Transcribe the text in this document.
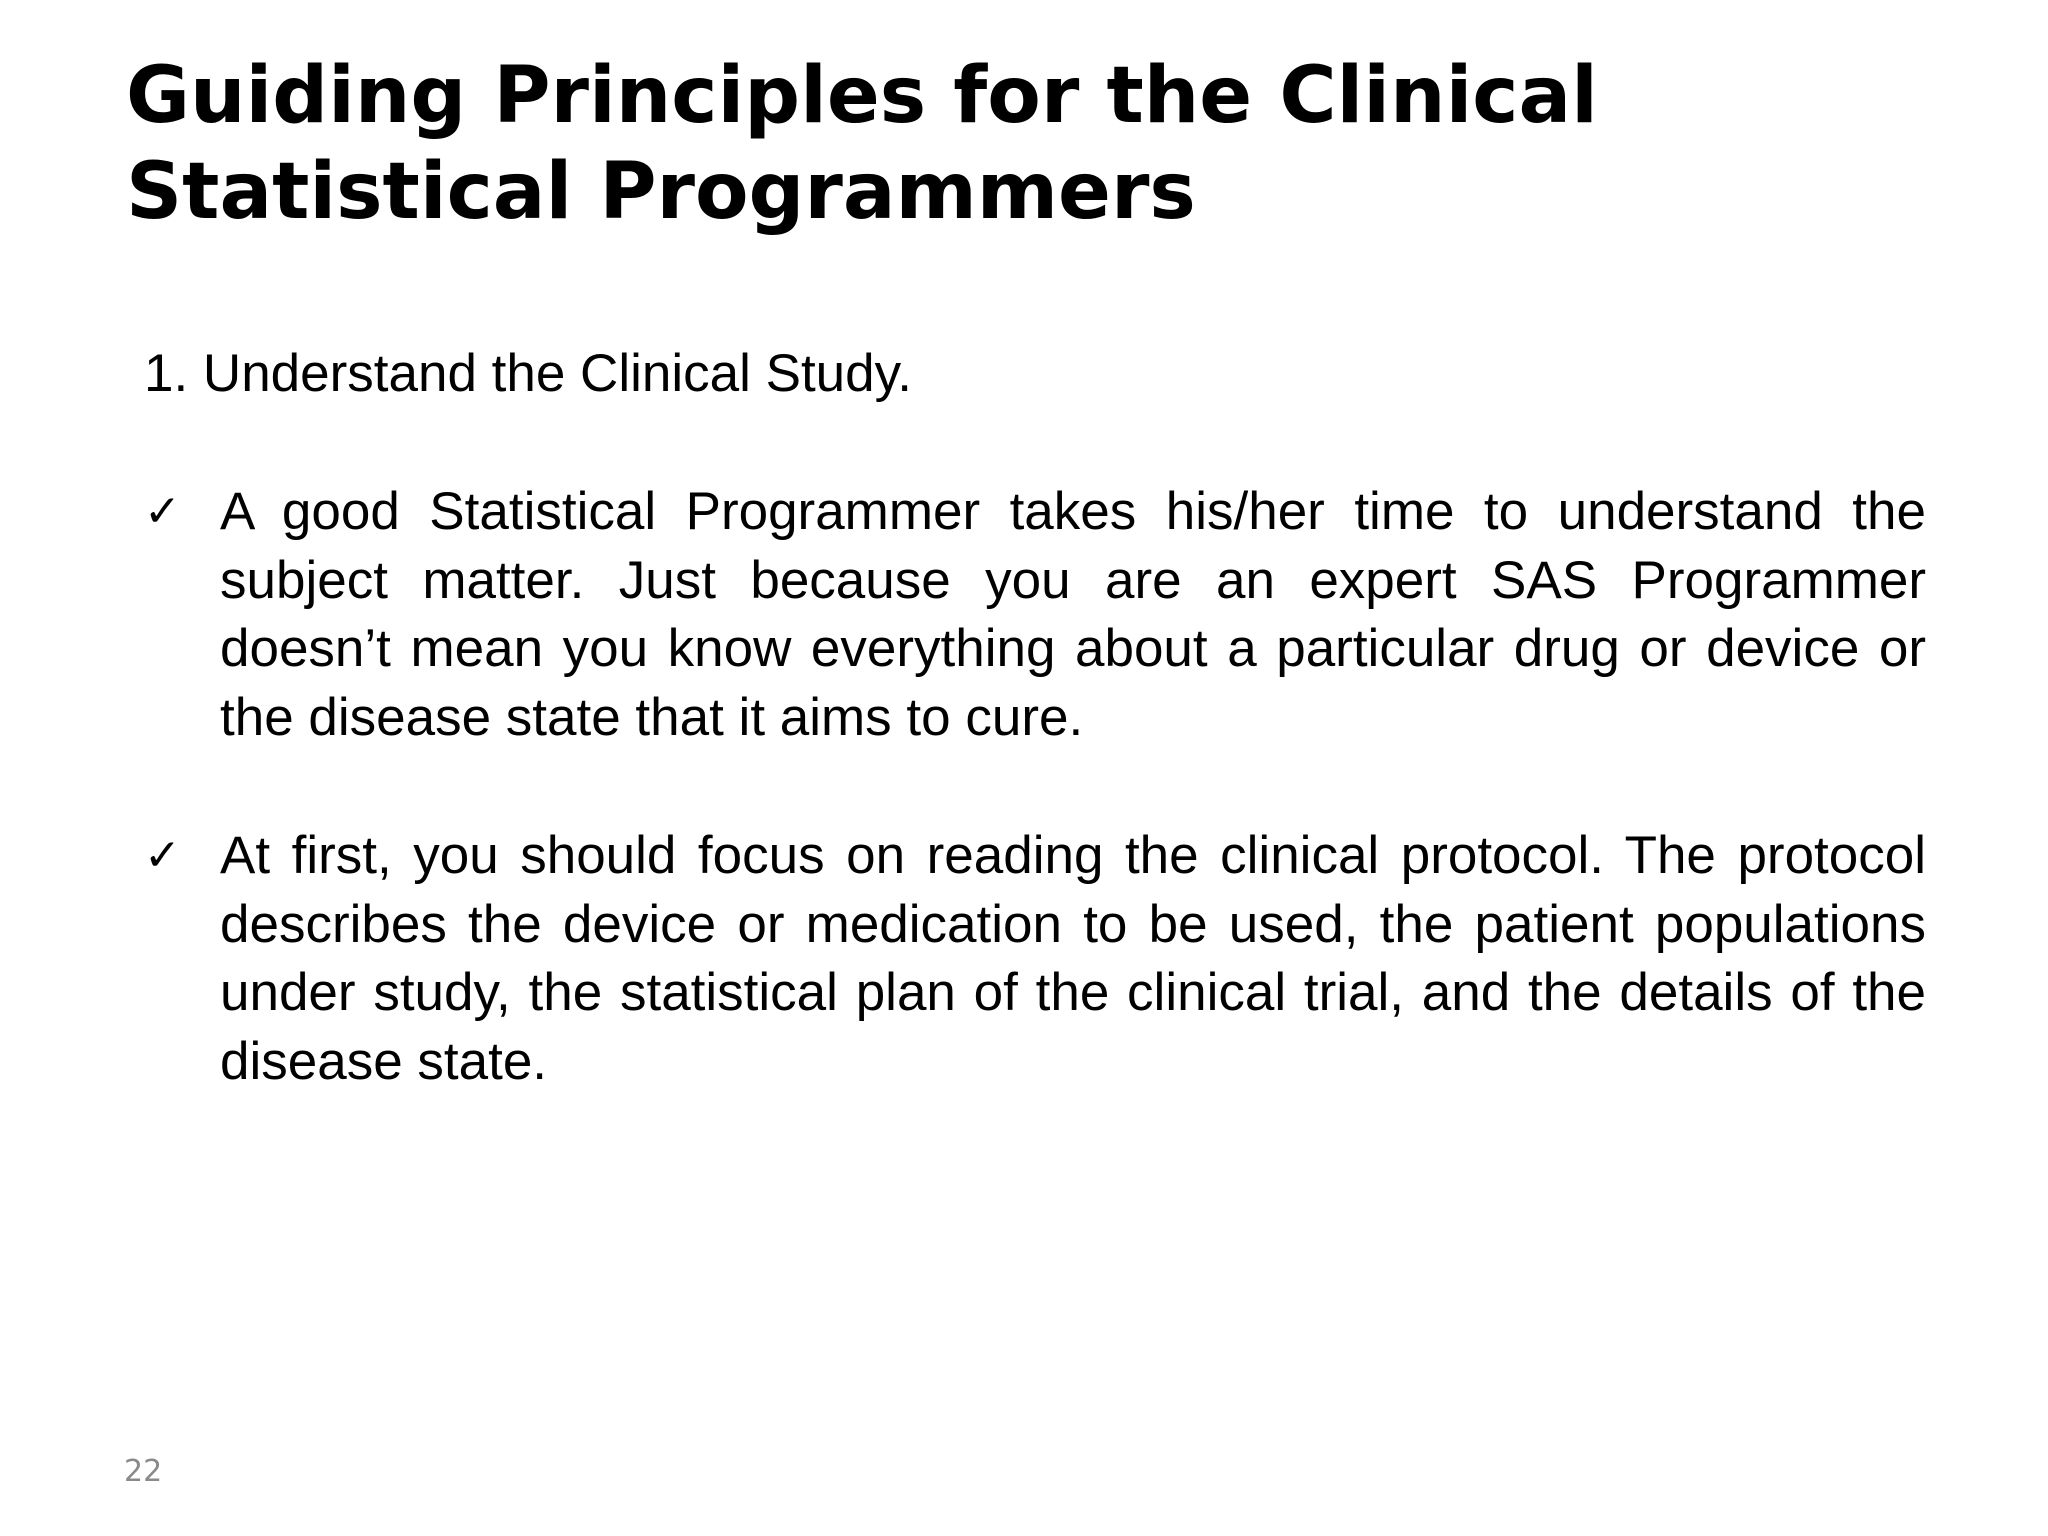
Guiding Principles for the Clinical
Statistical Programmers

1. Understand the Clinical Study.

✓ A good Statistical Programmer takes his/her time to understand the subject matter. Just because you are an expert SAS Programmer doesn’t mean you know everything about a particular drug or device or the disease state that it aims to cure.

✓ At first, you should focus on reading the clinical protocol. The protocol describes the device or medication to be used, the patient populations under study, the statistical plan of the clinical trial, and the details of the disease state.

22
